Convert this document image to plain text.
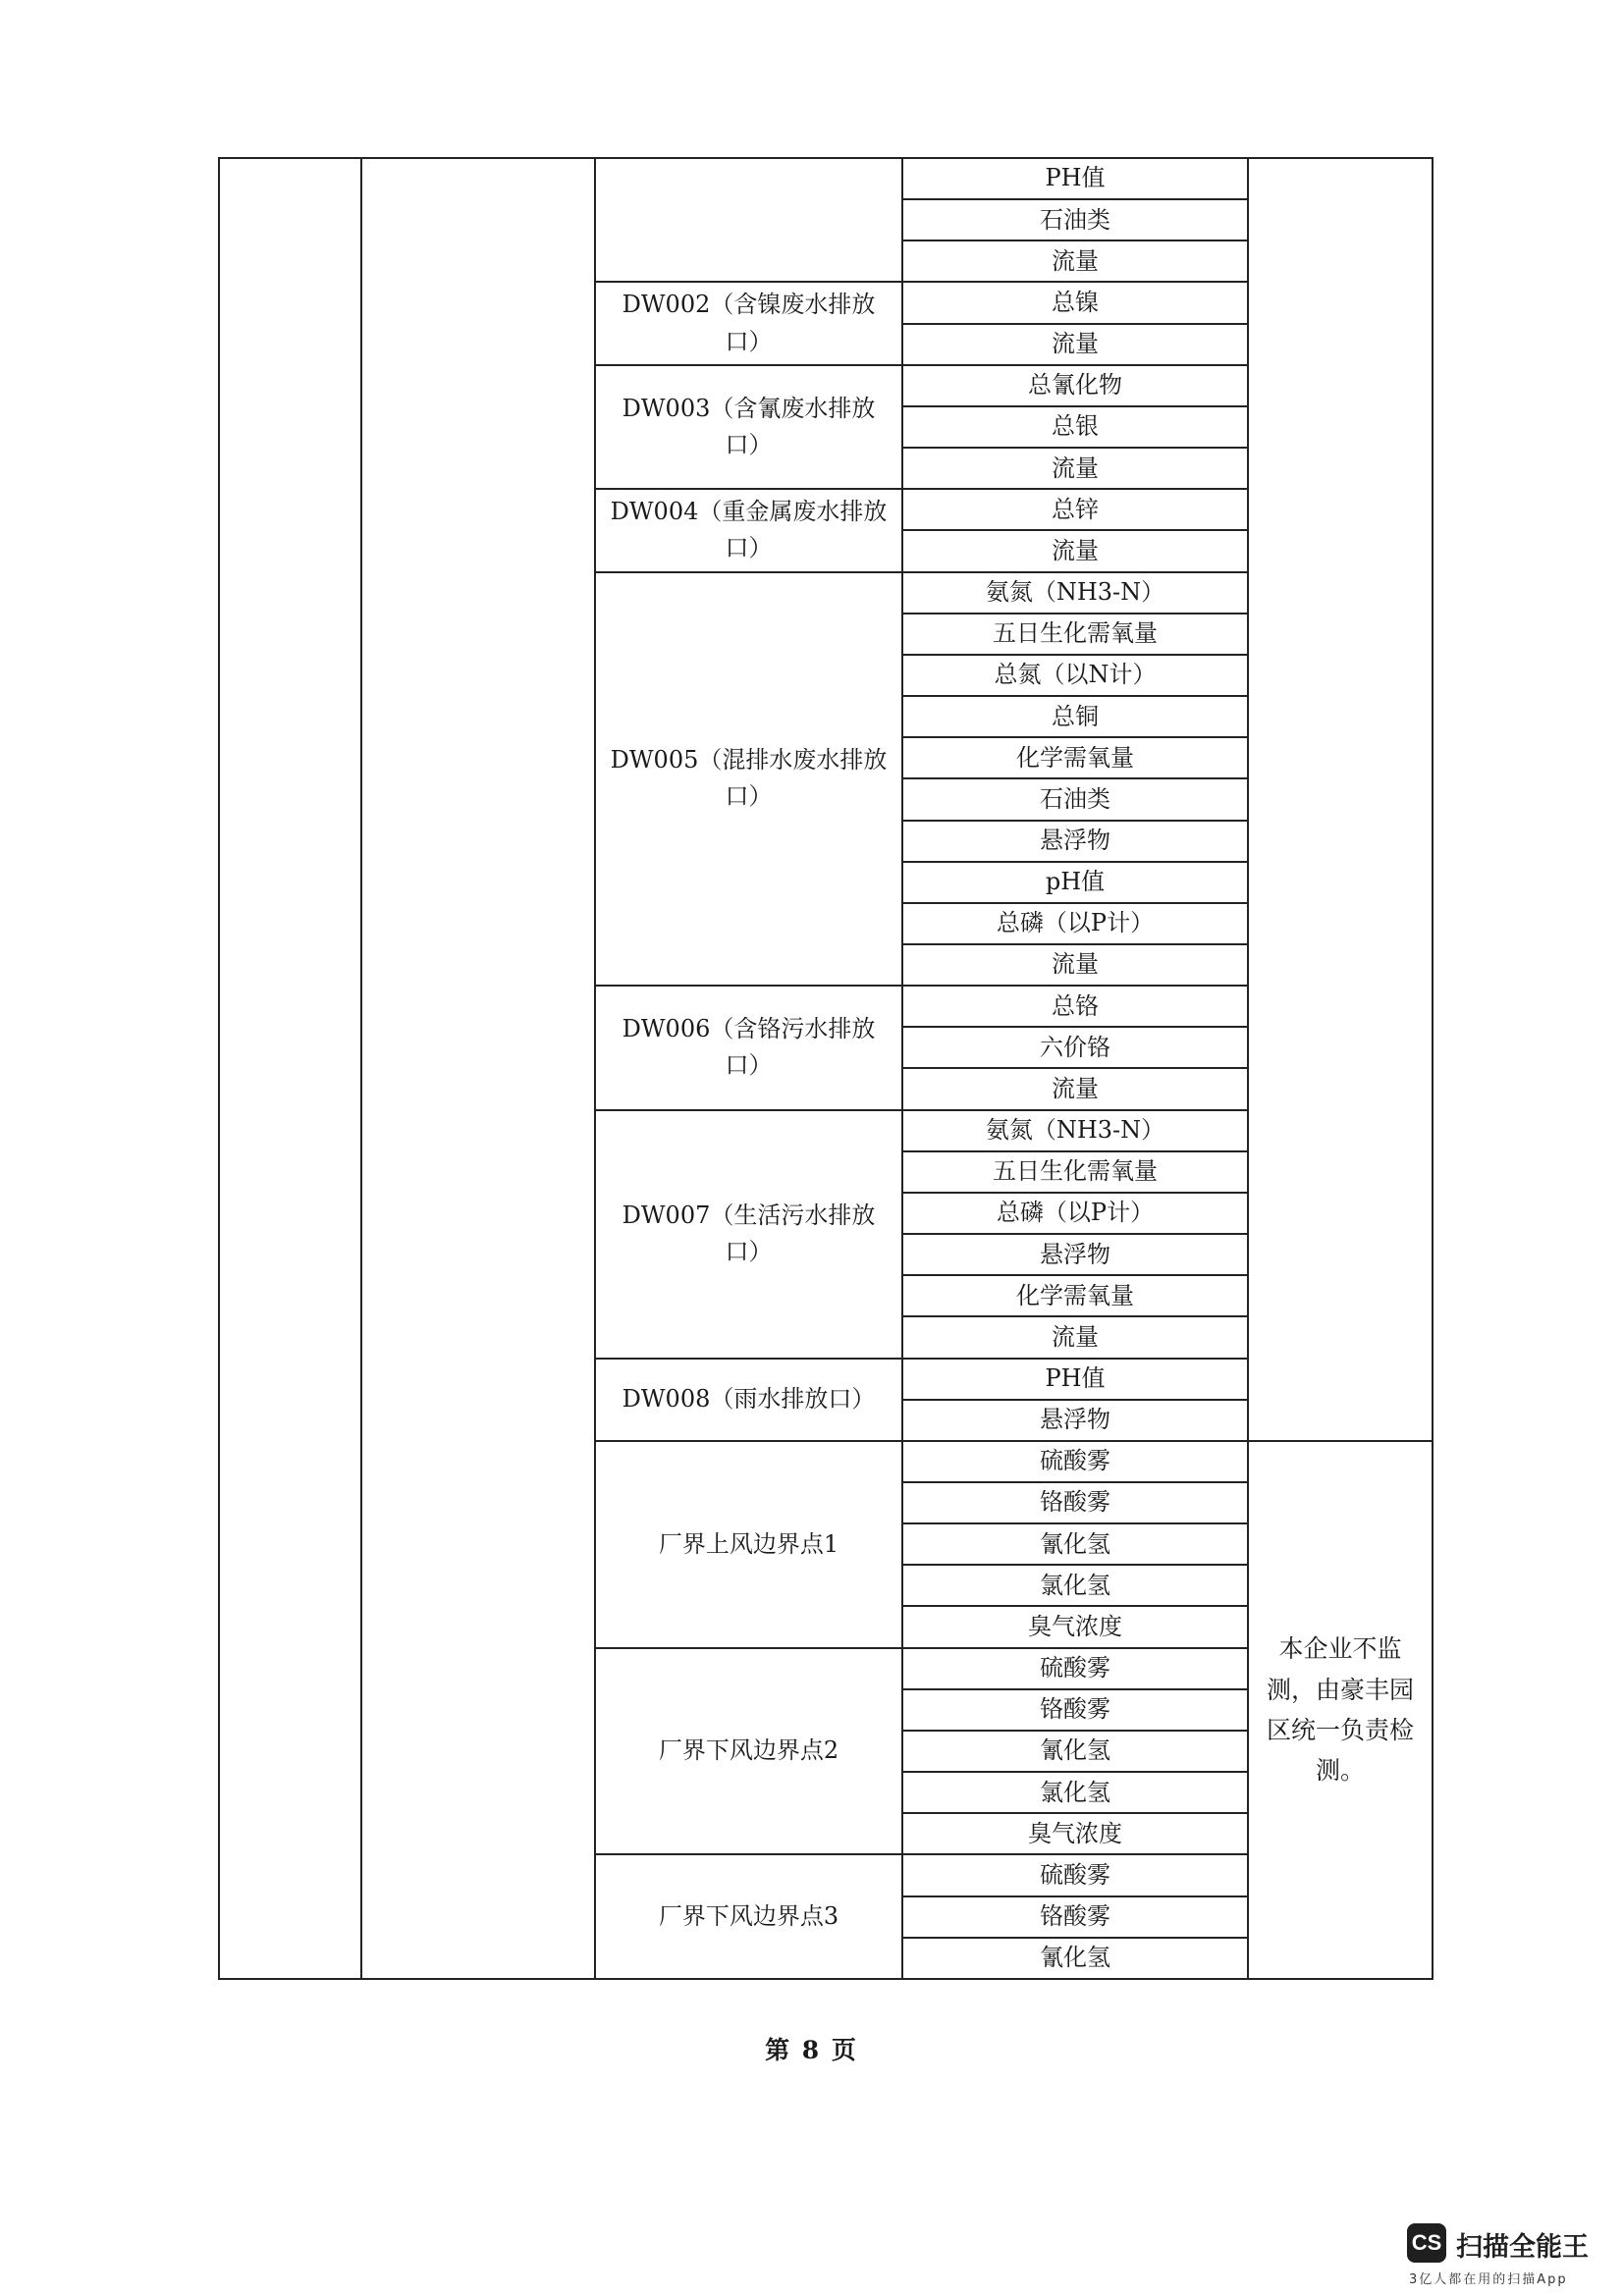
			PH值	
			石油类	
			流量	
		DW002（含镍废水排放口）	总镍	
			流量	
		DW003（含氰废水排放口）	总氰化物	
			总银	
			流量	
		DW004（重金属废水排放口）	总锌	
			流量	
		DW005（混排水废水排放口）	氨氮（NH3-N）	
			五日生化需氧量	
			总氮（以N计）	
			总铜	
			化学需氧量	
			石油类	
			悬浮物	
			pH值	
			总磷（以P计）	
			流量	
		DW006（含铬污水排放口）	总铬	
			六价铬	
			流量	
		DW007（生活污水排放口）	氨氮（NH3-N）	
			五日生化需氧量	
			总磷（以P计）	
			悬浮物	
			化学需氧量	
			流量	
		DW008（雨水排放口）	PH值	
			悬浮物	
		厂界上风边界点1	硫酸雾	本企业不监测，由豪丰园区统一负责检测。
			铬酸雾	
			氰化氢	
			氯化氢	
			臭气浓度	
		厂界下风边界点2	硫酸雾	
			铬酸雾	
			氰化氢	
			氯化氢	
			臭气浓度	
		厂界下风边界点3	硫酸雾	
			铬酸雾	
			氰化氢	
第 8 页
CS 扫描全能王
3亿人都在用的扫描App
